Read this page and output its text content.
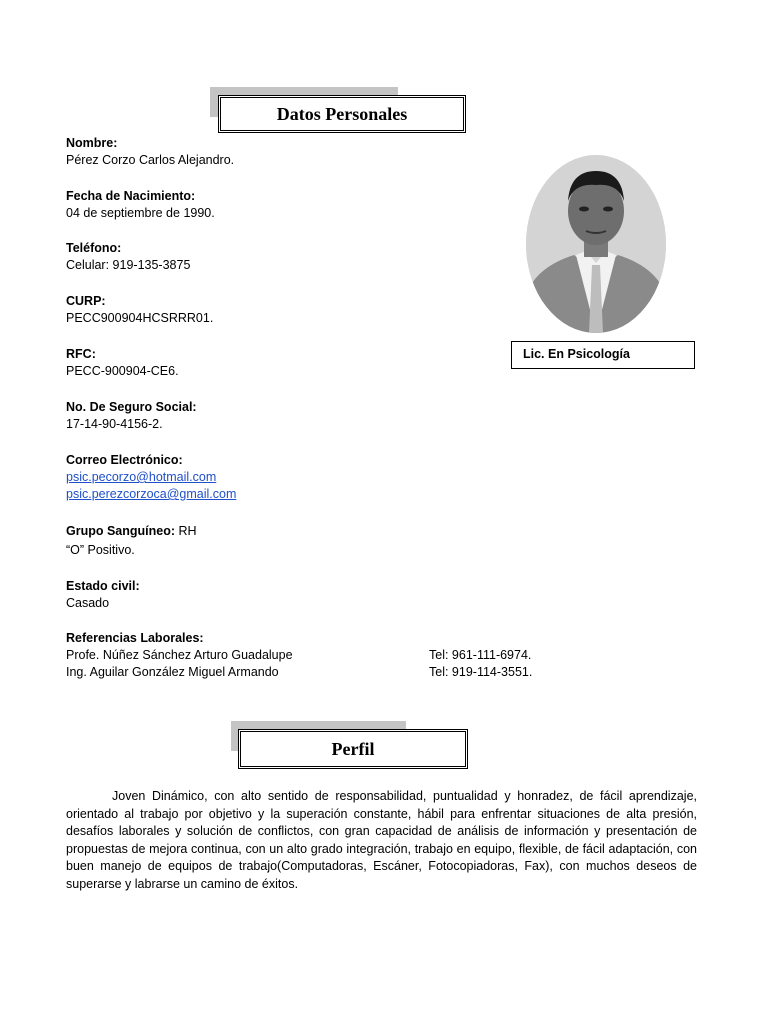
Datos Personales
Nombre:
Pérez Corzo Carlos Alejandro.
Fecha de Nacimiento:
04 de septiembre de 1990.
Teléfono:
Celular: 919-135-3875
CURP:
PECC900904HCSRRR01.
RFC:
PECC-900904-CE6.
No. De Seguro Social:
17-14-90-4156-2.
Correo Electrónico:
psic.pecorzo@hotmail.com
psic.perezcorzoca@gmail.com
Grupo Sanguíneo: RH
“O” Positivo.
Estado civil:
Casado
Referencias Laborales:
Profe. Núñez Sánchez Arturo Guadalupe	Tel: 961-111-6974.
Ing. Aguilar González Miguel Armando	Tel: 919-114-3551.
Lic. En Psicología
Perfil
Joven Dinámico, con alto sentido de responsabilidad, puntualidad y honradez, de fácil aprendizaje, orientado al trabajo por objetivo y la superación constante, hábil para enfrentar situaciones de alta presión, desafíos laborales y solución de conflictos, con gran capacidad de análisis de información y presentación de propuestas de mejora continua, con un alto grado integración, trabajo en equipo, flexible, de fácil adaptación, con buen manejo de equipos de trabajo(Computadoras, Escáner, Fotocopiadoras, Fax), con muchos deseos de superarse y labrarse un camino de éxitos.
